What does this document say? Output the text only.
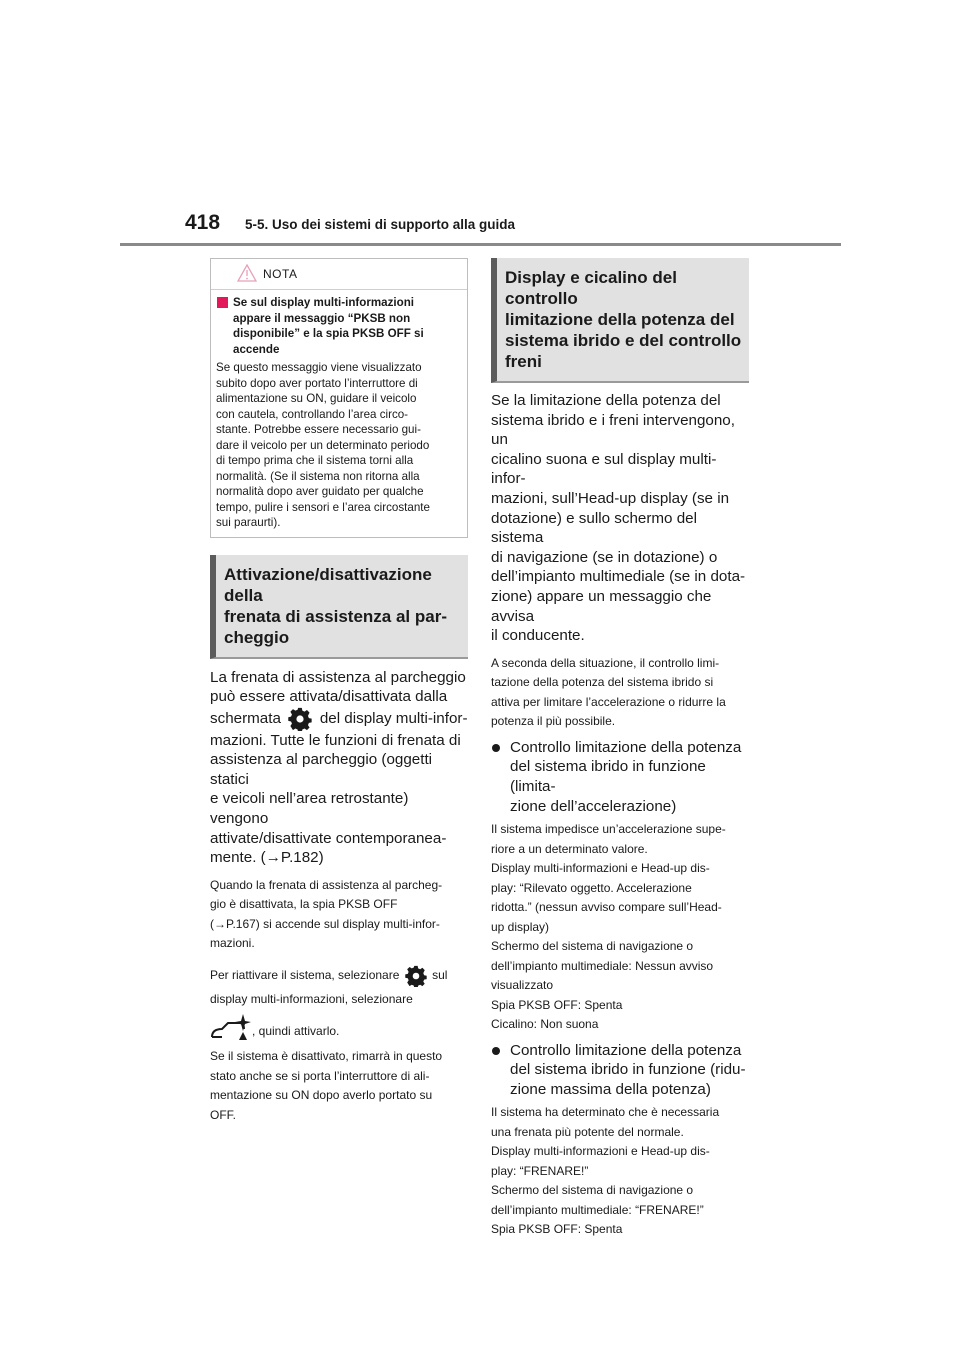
418 5-5. Uso dei sistemi di supporto alla guida
NOTA
Se sul display multi-informazioni
appare il messaggio “PKSB non
disponibile” e la spia PKSB OFF si
accende
Se questo messaggio viene visualizzato
subito dopo aver portato l’interruttore di
alimentazione su ON, guidare il veicolo
con cautela, controllando l’area circo-
stante. Potrebbe essere necessario gui-
dare il veicolo per un determinato periodo
di tempo prima che il sistema torni alla
normalità. (Se il sistema non ritorna alla
normalità dopo aver guidato per qualche
tempo, pulire i sensori e l’area circostante
sui paraurti).
Attivazione/disattivazione della
frenata di assistenza al par-
cheggio
La frenata di assistenza al parcheggio
può essere attivata/disattivata dalla
schermata	del display multi-infor-
mazioni. Tutte le funzioni di frenata di
assistenza al parcheggio (oggetti statici
e veicoli nell’area retrostante) vengono
attivate/disattivate contemporanea-
mente. (→P.182)
Quando la frenata di assistenza al parcheg-
gio è disattivata, la spia PKSB OFF
(→P.167) si accende sul display multi-infor-
mazioni.
Per riattivare il sistema, selezionare	sul
display multi-informazioni, selezionare
, quindi attivarlo.
Se il sistema è disattivato, rimarrà in questo
stato anche se si porta l’interruttore di ali-
mentazione su ON dopo averlo portato su
OFF.
Display e cicalino del controllo
limitazione della potenza del
sistema ibrido e del controllo
freni
Se la limitazione della potenza del
sistema ibrido e i freni intervengono, un
cicalino suona e sul display multi-infor-
mazioni, sull’Head-up display (se in
dotazione) e sullo schermo del sistema
di navigazione (se in dotazione) o
dell’impianto multimediale (se in dota-
zione) appare un messaggio che avvisa
il conducente.
A seconda della situazione, il controllo limi-
tazione della potenza del sistema ibrido si
attiva per limitare l’accelerazione o ridurre la
potenza il più possibile.
Controllo limitazione della potenza
del sistema ibrido in funzione (limita-
zione dell’accelerazione)
Il sistema impedisce un’accelerazione supe-
riore a un determinato valore.
Display multi-informazioni e Head-up dis-
play: “Rilevato oggetto. Accelerazione
ridotta.” (nessun avviso compare sull’Head-
up display)
Schermo del sistema di navigazione o
dell’impianto multimediale: Nessun avviso
visualizzato
Spia PKSB OFF: Spenta
Cicalino: Non suona
Controllo limitazione della potenza
del sistema ibrido in funzione (ridu-
zione massima della potenza)
Il sistema ha determinato che è necessaria
una frenata più potente del normale.
Display multi-informazioni e Head-up dis-
play: “FRENARE!”
Schermo del sistema di navigazione o
dell’impianto multimediale: “FRENARE!”
Spia PKSB OFF: Spenta
